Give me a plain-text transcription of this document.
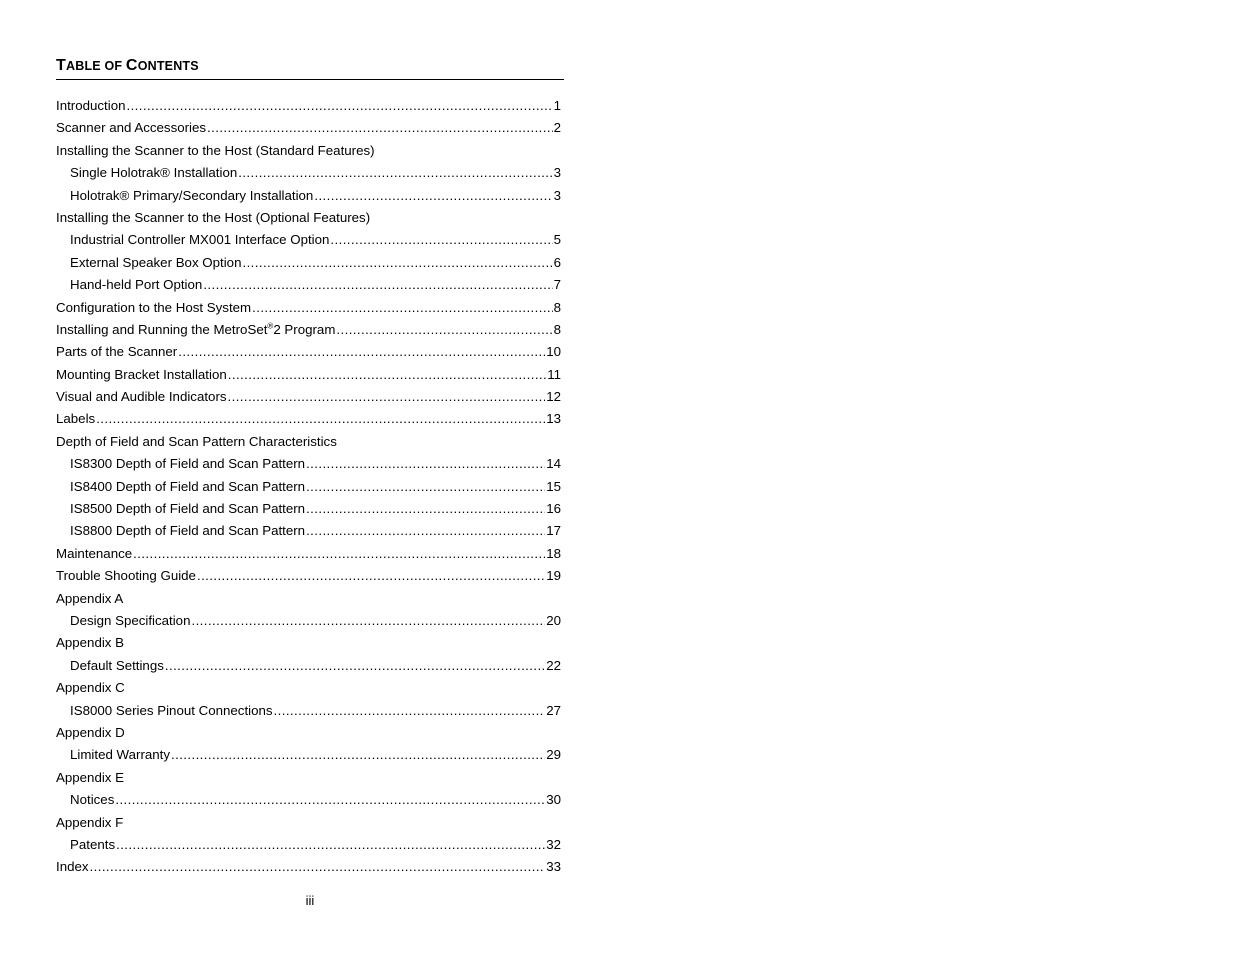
TABLE OF CONTENTS
Introduction .....	1
Scanner and Accessories .....	2
Installing the Scanner to the Host (Standard Features)
Single Holotrak® Installation .....	3
Holotrak® Primary/Secondary Installation .....	3
Installing the Scanner to the Host (Optional Features)
Industrial Controller MX001 Interface Option .....	5
External Speaker Box Option .....	6
Hand-held Port Option .....	7
Configuration to the Host System .....	8
Installing and Running the MetroSet®2 Program .....	8
Parts of the Scanner .....	10
Mounting Bracket Installation .....	11
Visual and Audible Indicators .....	12
Labels .....	13
Depth of Field and Scan Pattern Characteristics
IS8300 Depth of Field and Scan Pattern .....	14
IS8400 Depth of Field and Scan Pattern .....	15
IS8500 Depth of Field and Scan Pattern .....	16
IS8800 Depth of Field and Scan Pattern .....	17
Maintenance .....	18
Trouble Shooting Guide .....	19
Appendix A
Design Specification .....	20
Appendix B
Default Settings .....	22
Appendix C
IS8000 Series Pinout Connections .....	27
Appendix D
Limited Warranty .....	29
Appendix E
Notices .....	30
Appendix F
Patents .....	32
Index .....	33
iii
